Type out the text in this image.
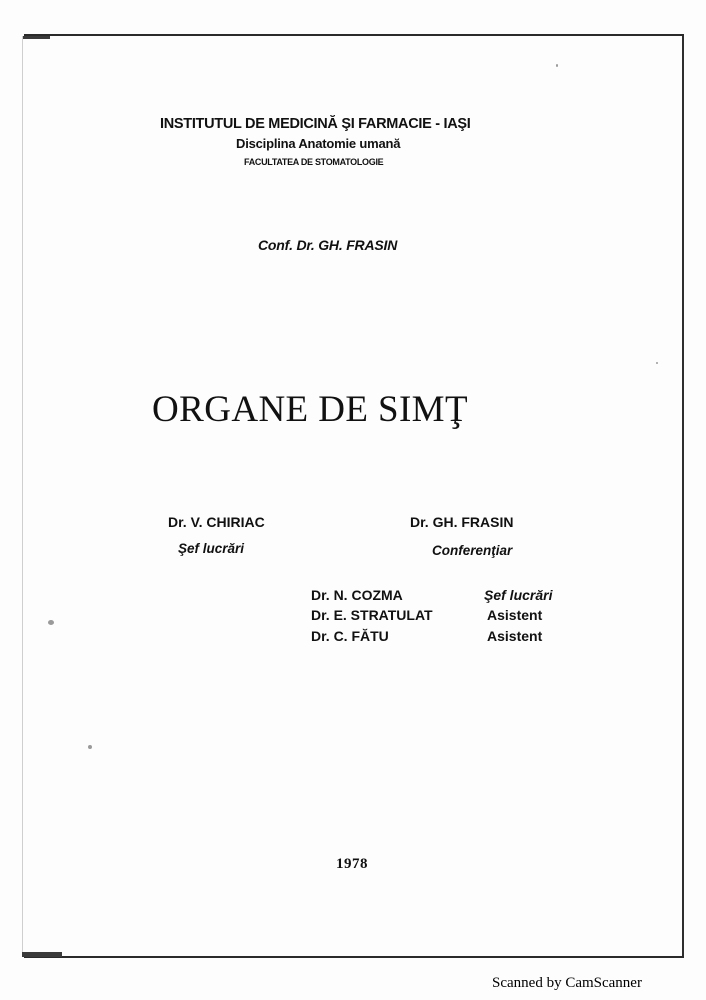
INSTITUTUL DE MEDICINĂ ŞI FARMACIE - IAŞI
Disciplina Anatomie umană
FACULTATEA DE STOMATOLOGIE
Conf. Dr. GH. FRASIN
ORGANE DE SIMŢ
Dr. V. CHIRIAC
Şef lucrări
Dr. GH. FRASIN
Conferenţiar
Dr. N. COZMA	Şef lucrări
Dr. E. STRATULAT	Asistent
Dr. C. FĂTU	Asistent
1978
Scanned by CamScanner
